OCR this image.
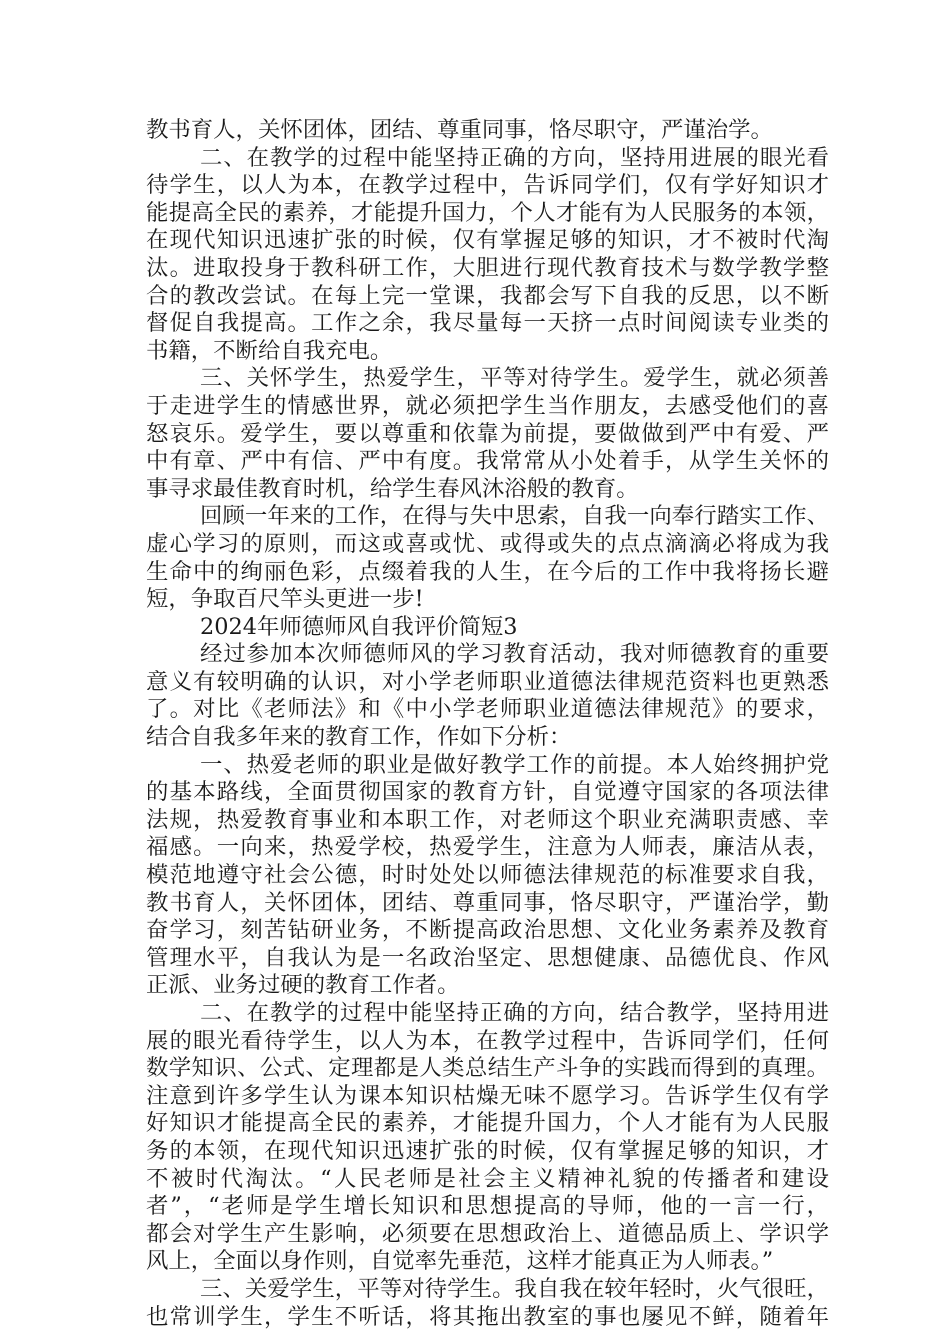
教书育人，关怀团体，团结、尊重同事，恪尽职守，严谨治学。
二、在教学的过程中能坚持正确的方向，坚持用进展的眼光看
待学生，以人为本，在教学过程中，告诉同学们，仅有学好知识才
能提高全民的素养，才能提升国力，个人才能有为人民服务的本领，
在现代知识迅速扩张的时候，仅有掌握足够的知识，才不被时代淘
汰。进取投身于教科研工作，大胆进行现代教育技术与数学教学整
合的教改尝试。在每上完一堂课，我都会写下自我的反思，以不断
督促自我提高。工作之余，我尽量每一天挤一点时间阅读专业类的
书籍，不断给自我充电。
三、关怀学生，热爱学生，平等对待学生。爱学生，就必须善
于走进学生的情感世界，就必须把学生当作朋友，去感受他们的喜
怒哀乐。爱学生，要以尊重和依靠为前提，要做做到严中有爱、严
中有章、严中有信、严中有度。我常常从小处着手，从学生关怀的
事寻求最佳教育时机，给学生春风沐浴般的教育。
回顾一年来的工作，在得与失中思索，自我一向奉行踏实工作、
虚心学习的原则，而这或喜或忧、或得或失的点点滴滴必将成为我
生命中的绚丽色彩，点缀着我的人生，在今后的工作中我将扬长避
短，争取百尺竿头更进一步!
2024年师德师风自我评价简短3
经过参加本次师德师风的学习教育活动，我对师德教育的重要
意义有较明确的认识，对小学老师职业道德法律规范资料也更熟悉
了。对比《老师法》和《中小学老师职业道德法律规范》的要求，
结合自我多年来的教育工作，作如下分析：
一、热爱老师的职业是做好教学工作的前提。本人始终拥护党
的基本路线，全面贯彻国家的教育方针，自觉遵守国家的各项法律
法规，热爱教育事业和本职工作，对老师这个职业充满职责感、幸
福感。一向来，热爱学校，热爱学生，注意为人师表，廉洁从表，
模范地遵守社会公德，时时处处以师德法律规范的标准要求自我，
教书育人，关怀团体，团结、尊重同事，恪尽职守，严谨治学，勤
奋学习，刻苦钻研业务，不断提高政治思想、文化业务素养及教育
管理水平，自我认为是一名政治坚定、思想健康、品德优良、作风
正派、业务过硬的教育工作者。
二、在教学的过程中能坚持正确的方向，结合教学，坚持用进
展的眼光看待学生，以人为本，在教学过程中，告诉同学们，任何
数学知识、公式、定理都是人类总结生产斗争的实践而得到的真理。
注意到许多学生认为课本知识枯燥无味不愿学习。告诉学生仅有学
好知识才能提高全民的素养，才能提升国力，个人才能有为人民服
务的本领，在现代知识迅速扩张的时候，仅有掌握足够的知识，才
不被时代淘汰。“人民老师是社会主义精神礼貌的传播者和建设
者”，“老师是学生增长知识和思想提高的导师，他的一言一行，
都会对学生产生影响，必须要在思想政治上、道德品质上、学识学
风上，全面以身作则，自觉率先垂范，这样才能真正为人师表。”
三、关爱学生，平等对待学生。我自我在较年轻时，火气很旺，
也常训学生，学生不听话，将其拖出教室的事也屡见不鲜，随着年
